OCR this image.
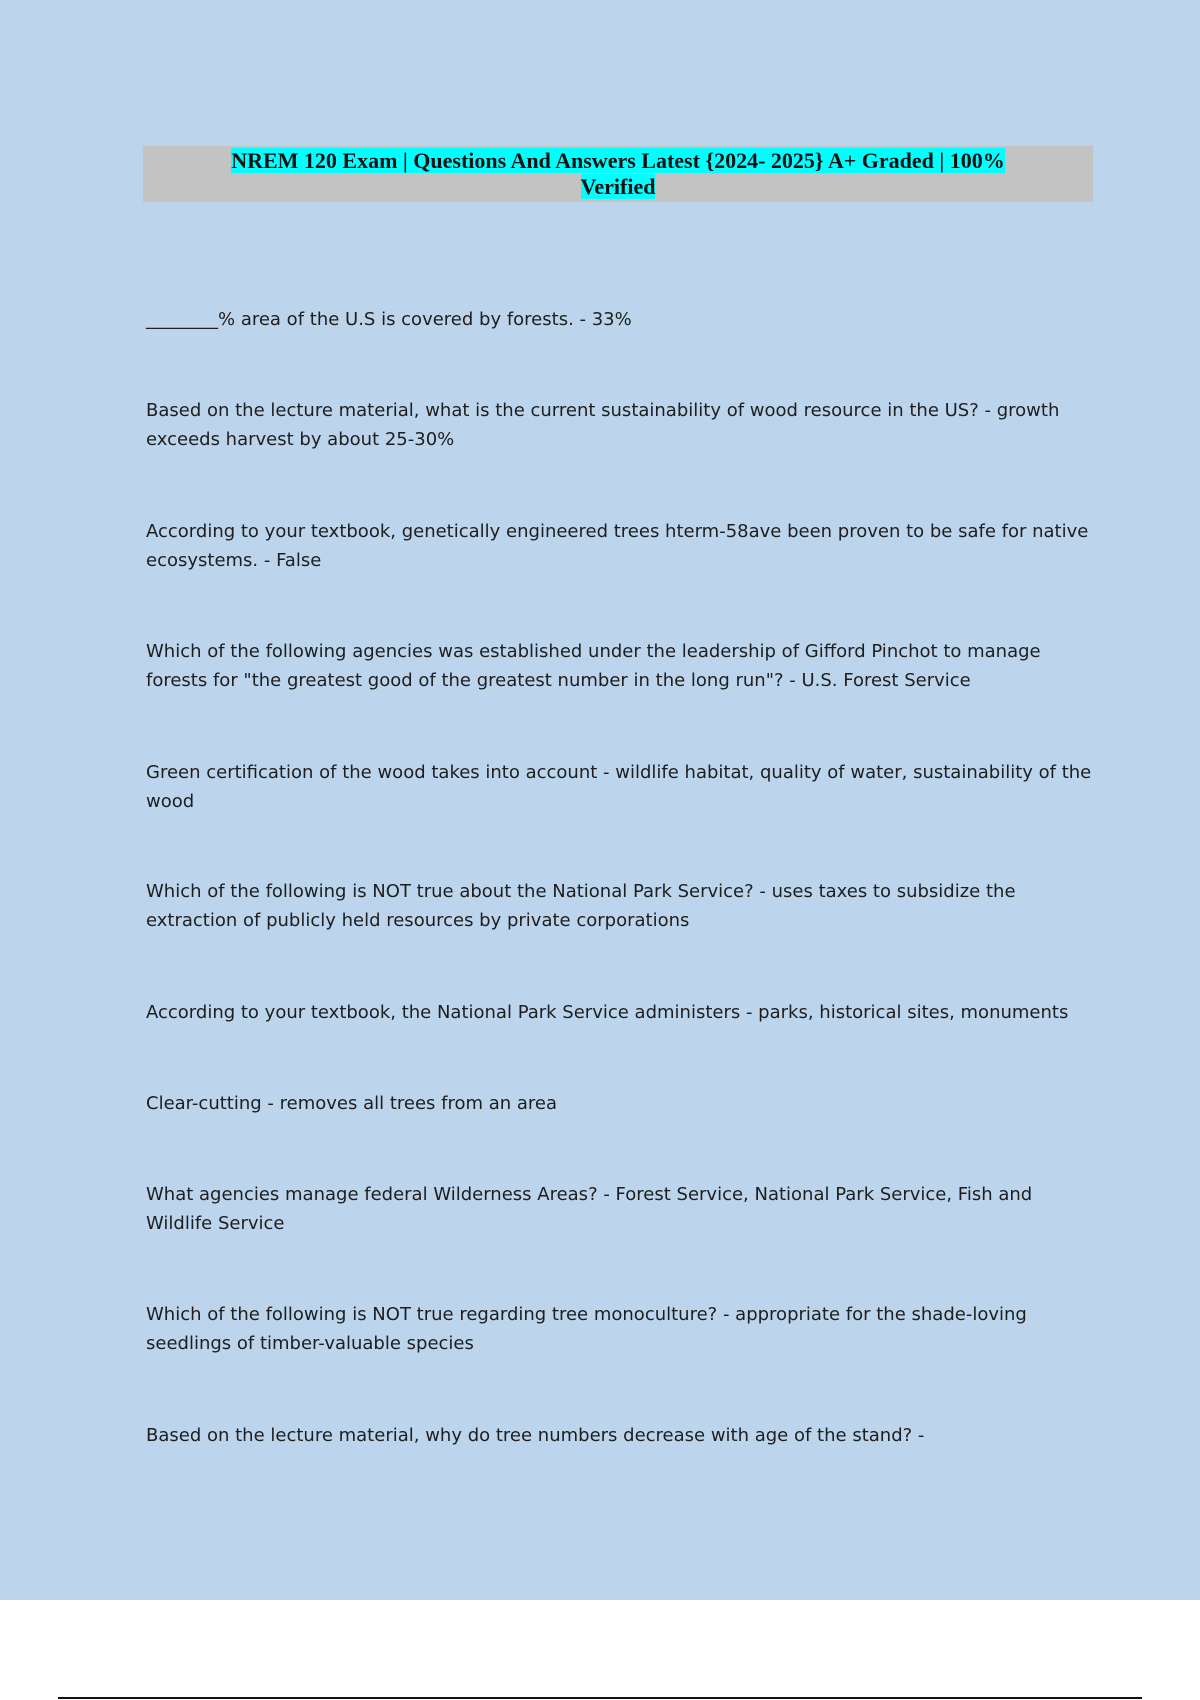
NREM 120 Exam | Questions And Answers Latest {2024- 2025} A+ Graded | 100%
Verified
________% area of the U.S is covered by forests. - 33%
Based on the lecture material, what is the current sustainability of wood resource in the US? - growth exceeds harvest by about 25-30%
According to your textbook, genetically engineered trees hterm-58ave been proven to be safe for native ecosystems. - False
Which of the following agencies was established under the leadership of Gifford Pinchot to manage forests for "the greatest good of the greatest number in the long run"? - U.S. Forest Service
Green certification of the wood takes into account - wildlife habitat, quality of water, sustainability of the wood
Which of the following is NOT true about the National Park Service? - uses taxes to subsidize the extraction of publicly held resources by private corporations
According to your textbook, the National Park Service administers - parks, historical sites, monuments
Clear-cutting - removes all trees from an area
What agencies manage federal Wilderness Areas? - Forest Service, National Park Service, Fish and Wildlife Service
Which of the following is NOT true regarding tree monoculture? - appropriate for the shade-loving seedlings of timber-valuable species
Based on the lecture material, why do tree numbers decrease with age of the stand? -
